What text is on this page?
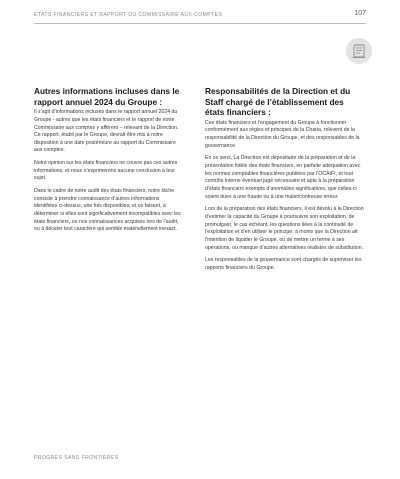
ÉTATS FINANCIERS ET RAPPORT DU COMMISSAIRE AUX COMPTES	107
Autres informations incluses dans le rapport annuel 2024 du Groupe :
Il s’agit d’informations incluses dans le rapport annuel 2024 du Groupe - autres que les états financiers et le rapport de notre Commissaire aux comptes y afférent – relevant de la Direction. Ce rapport, établi par le Groupe, devrait être mis à notre disposition à une date postérieure au rapport du Commissaire aux comptes.
Notre opinion sur les états financiers ne couvre pas ces autres informations, et nous n’exprimerons aucune conclusion à leur sujet.
Dans le cadre de notre audit des états financiers, notre tâche consiste à prendre connaissance d’autres informations identifiées ci-dessus, une fois disponibles; et ce faisant, à déterminer si elles sont significativement incompatibles avec les états financiers, ou nos connaissances acquises lors de l’audit, ou à déceler tout caractère qui semble matériellement inexact.
Responsabilités de la Direction et du Staff chargé de l’établissement des états financiers :
Ces états financiers et l’engagement du Groupe à fonctionner conformément aux règles et principes de la Charia, relèvent de la responsabilité de la Direction du Groupe, et des responsables de la gouvernance.
En ce sens, La Direction est dépositaire de la préparation et de la présentation fidèle des états financiers, en parfaite adéquation avec les normes comptables financières publiées par l’OCAIFI, et tout contrôle interne éventuel jugé nécessaire et apte à la préparation d’états financiers exempts d’anomalies significatives, que celles-ci soient dues à une fraude ou à une malencontreuse erreur.
Lors de la préparation des états financiers, il est dévolu à la Direction d’estimer la capacité du Groupe à poursuivre son exploitation, de promulguer, le cas échéant, les questions liées à la continuité de l’exploitation et d’en utiliser le principe; à moins que la Direction ait l’intention de liquider le Groupe, ou de mettre un terme à ses opérations, ou manque d’autres alternatives réalistes de substitution.
Les responsables de la gouvernance sont chargés de superviser les rapports financiers du Groupe.
PROGRÈS SANS FRONTIÈRES
